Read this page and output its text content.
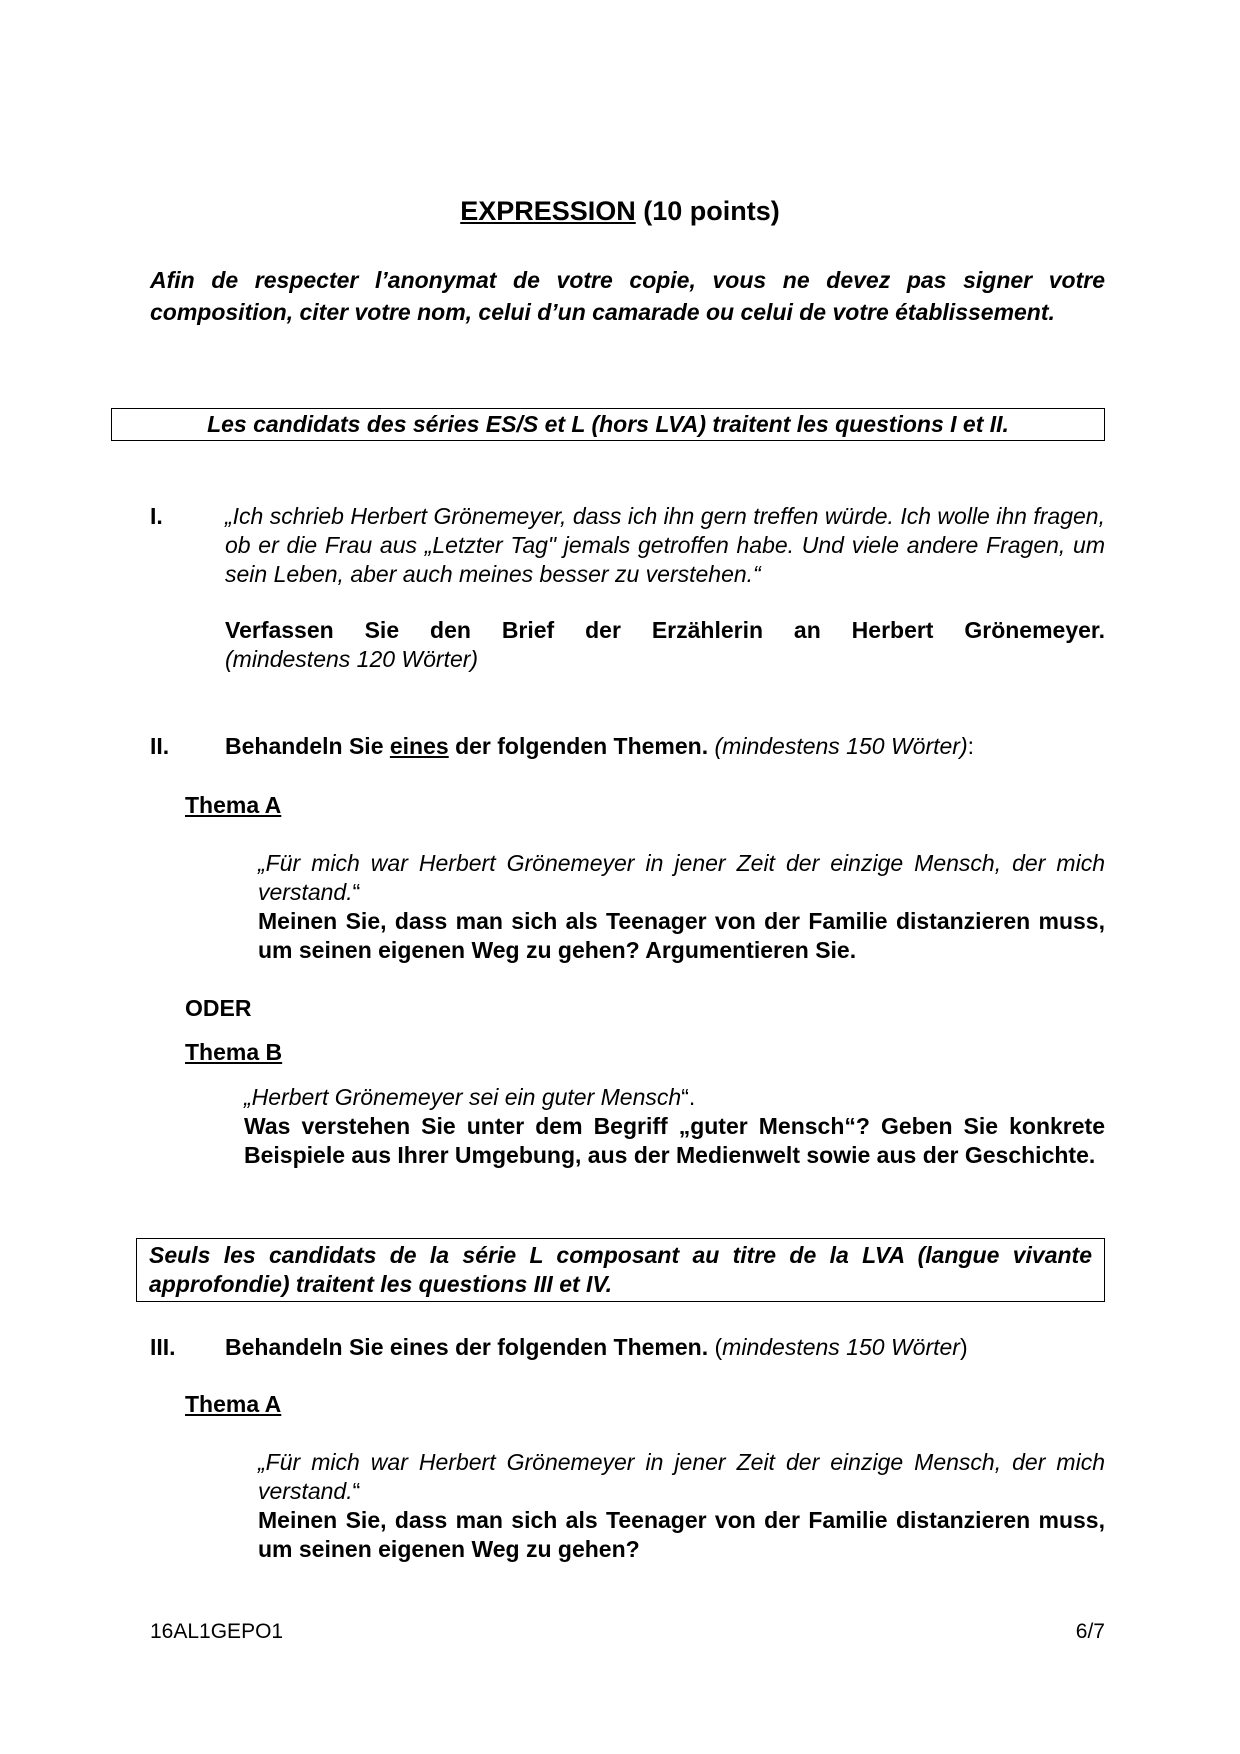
EXPRESSION (10 points)
Afin de respecter l’anonymat de votre copie, vous ne devez pas signer votre composition, citer votre nom, celui d’un camarade ou celui de votre établissement.
Les candidats des séries ES/S et L (hors LVA) traitent les questions I et II.
I.	„Ich schrieb Herbert Grönemeyer, dass ich ihn gern treffen würde. Ich wolle ihn fragen, ob er die Frau aus „Letzter Tag" jemals getroffen habe. Und viele andere Fragen, um sein Leben, aber auch meines besser zu verstehen.“
Verfassen Sie den Brief der Erzählerin an Herbert Grönemeyer.
(mindestens 120 Wörter)
II. Behandeln Sie eines der folgenden Themen. (mindestens 150 Wörter):
Thema A
„Für mich war Herbert Grönemeyer in jener Zeit der einzige Mensch, der mich verstand.“
Meinen Sie, dass man sich als Teenager von der Familie distanzieren muss, um seinen eigenen Weg zu gehen? Argumentieren Sie.
ODER
Thema B
„Herbert Grönemeyer sei ein guter Mensch“.
Was verstehen Sie unter dem Begriff „guter Mensch“? Geben Sie konkrete Beispiele aus Ihrer Umgebung, aus der Medienwelt sowie aus der Geschichte.
Seuls les candidats de la série L composant au titre de la LVA (langue vivante approfondie) traitent les questions III et IV.
III. Behandeln Sie eines der folgenden Themen. (mindestens 150 Wörter)
Thema A
„Für mich war Herbert Grönemeyer in jener Zeit der einzige Mensch, der mich verstand.“
Meinen Sie, dass man sich als Teenager von der Familie distanzieren muss, um seinen eigenen Weg zu gehen?
16AL1GEPO1	6/7
